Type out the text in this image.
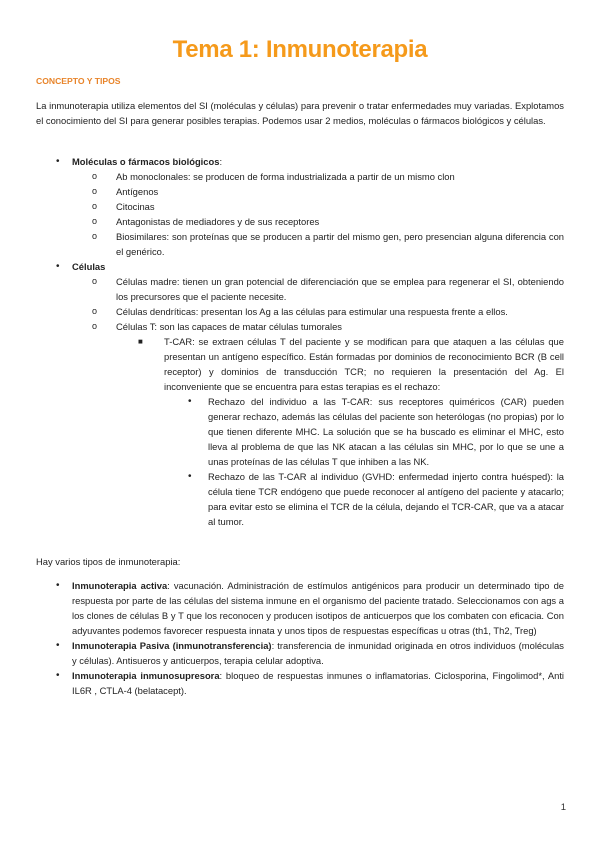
Tema 1: Inmunoterapia
CONCEPTO Y TIPOS

La inmunoterapia utiliza elementos del SI (moléculas y células) para prevenir o tratar enfermedades muy variadas. Explotamos el conocimiento del SI para generar posibles terapias. Podemos usar 2 medios, moléculas o fármacos biológicos y células.

• Moléculas o fármacos biológicos:
o Ab monoclonales: se producen de forma industrializada a partir de un mismo clon
o Antígenos
o Citocinas
o Antagonistas de mediadores y de sus receptores
o Biosimilares: son proteínas que se producen a partir del mismo gen, pero presencian alguna diferencia con el genérico.
• Células
o Células madre: tienen un gran potencial de diferenciación que se emplea para regenerar el SI, obteniendo los precursores que el paciente necesite.
o Células dendríticas: presentan los Ag a las células para estimular una respuesta frente a ellos.
o Células T: son las capaces de matar células tumorales
■ T-CAR: se extraen células T del paciente y se modifican para que ataquen a las células que presentan un antígeno específico. Están formadas por dominios de reconocimiento BCR (B cell receptor) y dominios de transducción TCR; no requieren la presentación del Ag. El inconveniente que se encuentra para estas terapias es el rechazo:
• Rechazo del individuo a las T-CAR: sus receptores quiméricos (CAR) pueden generar rechazo, además las células del paciente son heterólogas (no propias) por lo que tienen diferente MHC. La solución que se ha buscado es eliminar el MHC, esto lleva al problema de que las NK atacan a las células sin MHC, por lo que se une a unas proteínas de las células T que inhiben a las NK.
• Rechazo de las T-CAR al individuo (GVHD: enfermedad injerto contra huésped): la célula tiene TCR endógeno que puede reconocer al antígeno del paciente y atacarlo; para evitar esto se elimina el TCR de la célula, dejando el TCR-CAR, que va a atacar al tumor.

Hay varios tipos de inmunoterapia:

• Inmunoterapia activa: vacunación. Administración de estímulos antigénicos para producir un determinado tipo de respuesta por parte de las células del sistema inmune en el organismo del paciente tratado. Seleccionamos con ags a los clones de células B y T que los reconocen y producen isotipos de anticuerpos que los combaten con eficacia. Con adyuvantes podemos favorecer respuesta innata y unos tipos de respuestas específicas u otras (th1, Th2, Treg)
• Inmunoterapia Pasiva (inmunotransferencia): transferencia de inmunidad originada en otros individuos (moléculas y células). Antisueros y anticuerpos, terapia celular adoptiva.
• Inmunoterapia inmunosupresora: bloqueo de respuestas inmunes o inflamatorias. Ciclosporina, Fingolimod*, Anti IL6R , CTLA-4 (belatacept).
1
